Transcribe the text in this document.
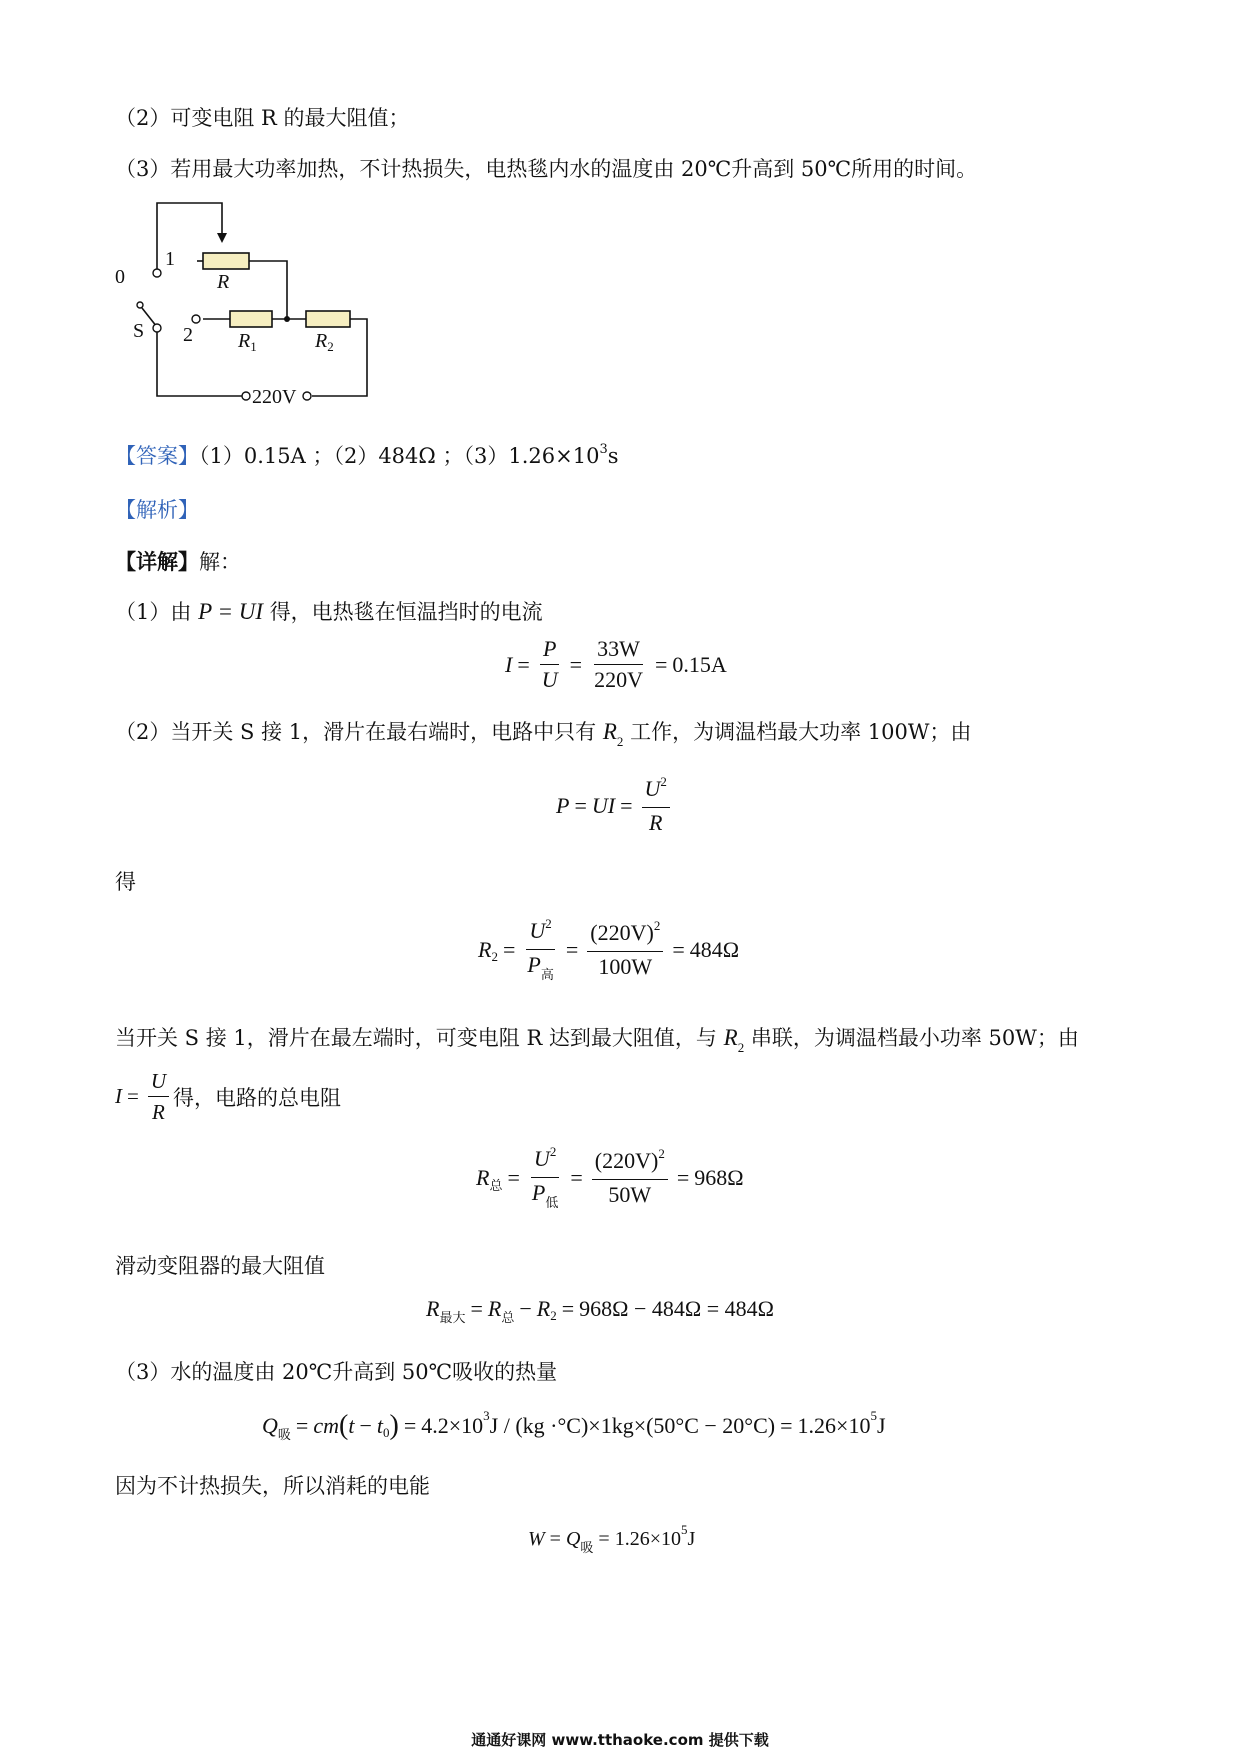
（2）可变电阻 R 的最大阻值；
（3）若用最大功率加热，不计热损失，电热毯内水的温度由 20℃升高到 50℃所用的时间。
R
$R_1$	$R_2$
0
1
2
S
220V
【答案】（1）0.15A ；（2）484Ω ；$(3)1.26\times 10^3s$
【解析】
【详解】解：
（1）由 P = UI 得，电热毯在恒温挡时的电流
$I = \frac{P}{U} = \frac{33W}{220V} = 0.15A$
（2）当开关 S 接 1，滑片在最右端时，电路中只有 $R_2$ 工作，为调温档最大功率 100W；由
P = UI = $\frac{U^2}{R}$
得
R $2 = \frac{U^2}{P_高} = \frac{(220V)^2}{100W} = 484\Omega$
当开关 S 接 1，滑片在最左端时，可变电阻 R 达到最大阻值，与 $R_2$ 串联，为调温档最小功率 50W；由
$I = \frac{U}{R}$ 得，电路的总电阻
R 总 = $\frac{U^2}{P_低} = \frac{(220V)^2}{50W} = 968\Omega$
滑动变阻器的最大阻值
R 最大 = R 总 − R 2 = 968Ω − 484Ω = 484Ω
（3）水的温度由 20℃升高到 50℃吸收的热量
Q 吸 = cm ( t − t 0 ) = 4.2×10 3 J / (kg ·°C)×1kg×(50°C − 20°C) = 1.26×10 5 J
因为不计热损失，所以消耗的电能
W = Q 吸 = 1.26×10 5 J
通通好课网 www.tthaoke.com 提供下载
